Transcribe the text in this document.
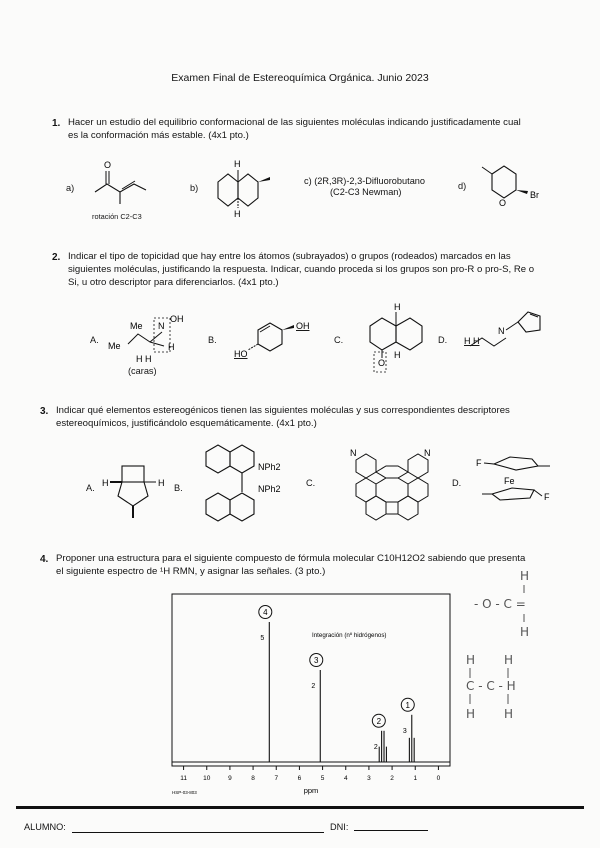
Examen Final de Estereoquímica Orgánica. Junio 2023
1. Hacer un estudio del equilibrio conformacional de las siguientes moléculas indicando justificadamente cual
es la conformación más estable. (4x1 pto.)
a)
O
rotación C2-C3
b)
H
H
c) (2R,3R)-2,3-Difluorobutano
(C2-C3 Newman)
d)
O
Br
2. Indicar el tipo de topicidad que hay entre los átomos (subrayados) o grupos (rodeados) marcados en las
siguientes moléculas, justificando la respuesta. Indicar, cuando proceda si los grupos son pro-R o pro-S, Re o
Si, u otro descriptor para diferenciarlos. (4x1 pto.)
A.
Me
Me
N
OH
H
H H
(caras)
B.
OH
HO
C.
H
H
O
D. H H
N
3. Indicar qué elementos estereogénicos tienen las siguientes moléculas y sus correspondientes descriptores
estereoquímicos, justificándolo esquemáticamente. (4x1 pto.)
A. H	H B.
NPh2
NPh2
C.
N	N
D.
F
Fe
F
4. Proponer una estructura para el siguiente compuesto de fórmula molecular C10H12O2 sabiendo que presenta
el siguiente espectro de ¹H RMN, y asignar las señales. (3 pto.)
11 10	9	8	7	6	5	4	3	2	1	0
ppm
HSP-03-803
Integración (nº hidrógenos)
5
4
2
3
2
2
3
1
H
- O - C =
H
H
C - C - H
H
H
H
ALUMNO:	DNI:
